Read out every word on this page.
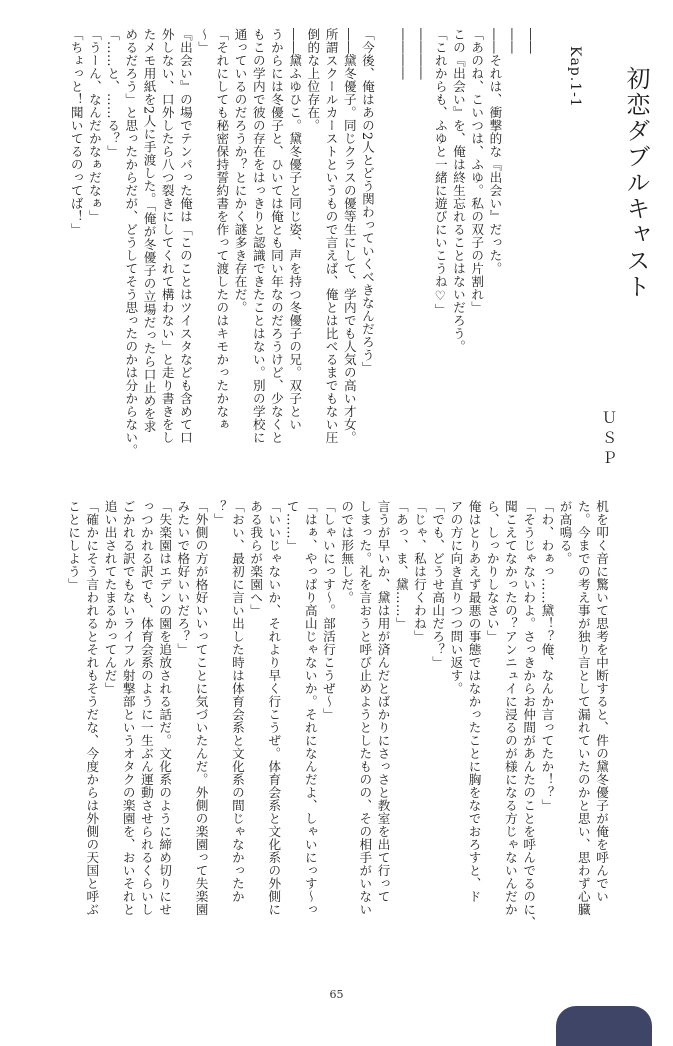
初恋ダブルキャスト
ＵＳＰ
Kap.1-1

――
――
――それは、衝撃的な『出会い』だった。
「あのね、こいつは、ふゆ。私の双子の片割れ」
この『出会い』を、俺は終生忘れることはないだろう。
「これからも、ふゆと一緒に遊びにいこうね♡」
――――
――――

「今後、俺はあの2人とどう関わっていくべきなんだろう」
――黛冬優子。同じクラスの優等生にして、学内でも人気の高い才女。
所謂スクールカーストというもので言えば、俺とは比べるまでもない圧
倒的な上位存在。
――黛ふゆひこ。黛冬優子と同じ姿、声を持つ冬優子の兄。双子とい
うからには冬優子と、ひいては俺とも同い年なのだろうけど、少なくと
もこの学内で彼の存在をはっきりと認識できたことはない。別の学校に
通っているのだろうか？とにかく謎多き存在だ。
「それにしても秘密保持誓約書を作って渡したのはキモかったかなぁ
～」
『出会い』の場でテンパった俺は「このことはツイスタなども含めて口
外しない、口外したら八つ裂きにしてくれて構わない」と走り書きをし
たメモ用紙を2人に手渡した。「俺が冬優子の立場だったら口止めを求
めるだろう」と思ったからだが、どうしてそう思ったのかは分からない。
「……と、……る？」
「うーん、なんだかなぁだなぁ」
「ちょっと！聞いてるのってば！」
机を叩く音に驚いて思考を中断すると、件の黛冬優子が俺を呼んでい
た。今までの考え事が独り言として漏れていたのかと思い、思わず心臓
が高鳴る。
「わ、わぁっ……黛！？俺、なんか言ってたか！？」
「そうじゃないわよ。さっきからお仲間があんたのことを呼んでるのに、
聞こえてなかったの？アンニュイに浸るのが様になる方じゃないんだか
ら、しっかりしなさい」
俺はとりあえず最悪の事態ではなかったことに胸をなでおろすと、ド
アの方に向き直りつつ問い返す。
「でも、どうせ高山だろ？」
「じゃ、私は行くわね」
「あっ、ま、黛……」
言うが早いか、黛は用が済んだとばかりにさっさと教室を出て行って
しまった。礼を言おうと呼び止めようとしたものの、その相手がいない
のでは形無しだ。
「しゃいにっす～。部活行こうぜ～」
「はぁ、やっぱり高山じゃないか。それになんだよ、しゃいにっす～っ
て……」
「いいじゃないか、それより早く行こうぜ。体育会系と文化系の外側に
ある我らが楽園へ」
「おい、最初に言い出した時は体育会系と文化系の間じゃなかったか
？」
「外側の方が格好いいってことに気づいたんだ。外側の楽園って失楽園
みたいで格好いいだろ？」
「失楽園はエデンの園を追放される話だ。文化系のように締め切りにせ
っつかれる訳でも、体育会系のように一生ぶん運動させられるくらいし
ごかれる訳でもないライフル射撃部というオタクの楽園を、おいそれと
追い出されてたまるかってんだ」
「確かにそう言われるとそれもそうだな、今度からは外側の天国と呼ぶ
ことにしよう」
65
